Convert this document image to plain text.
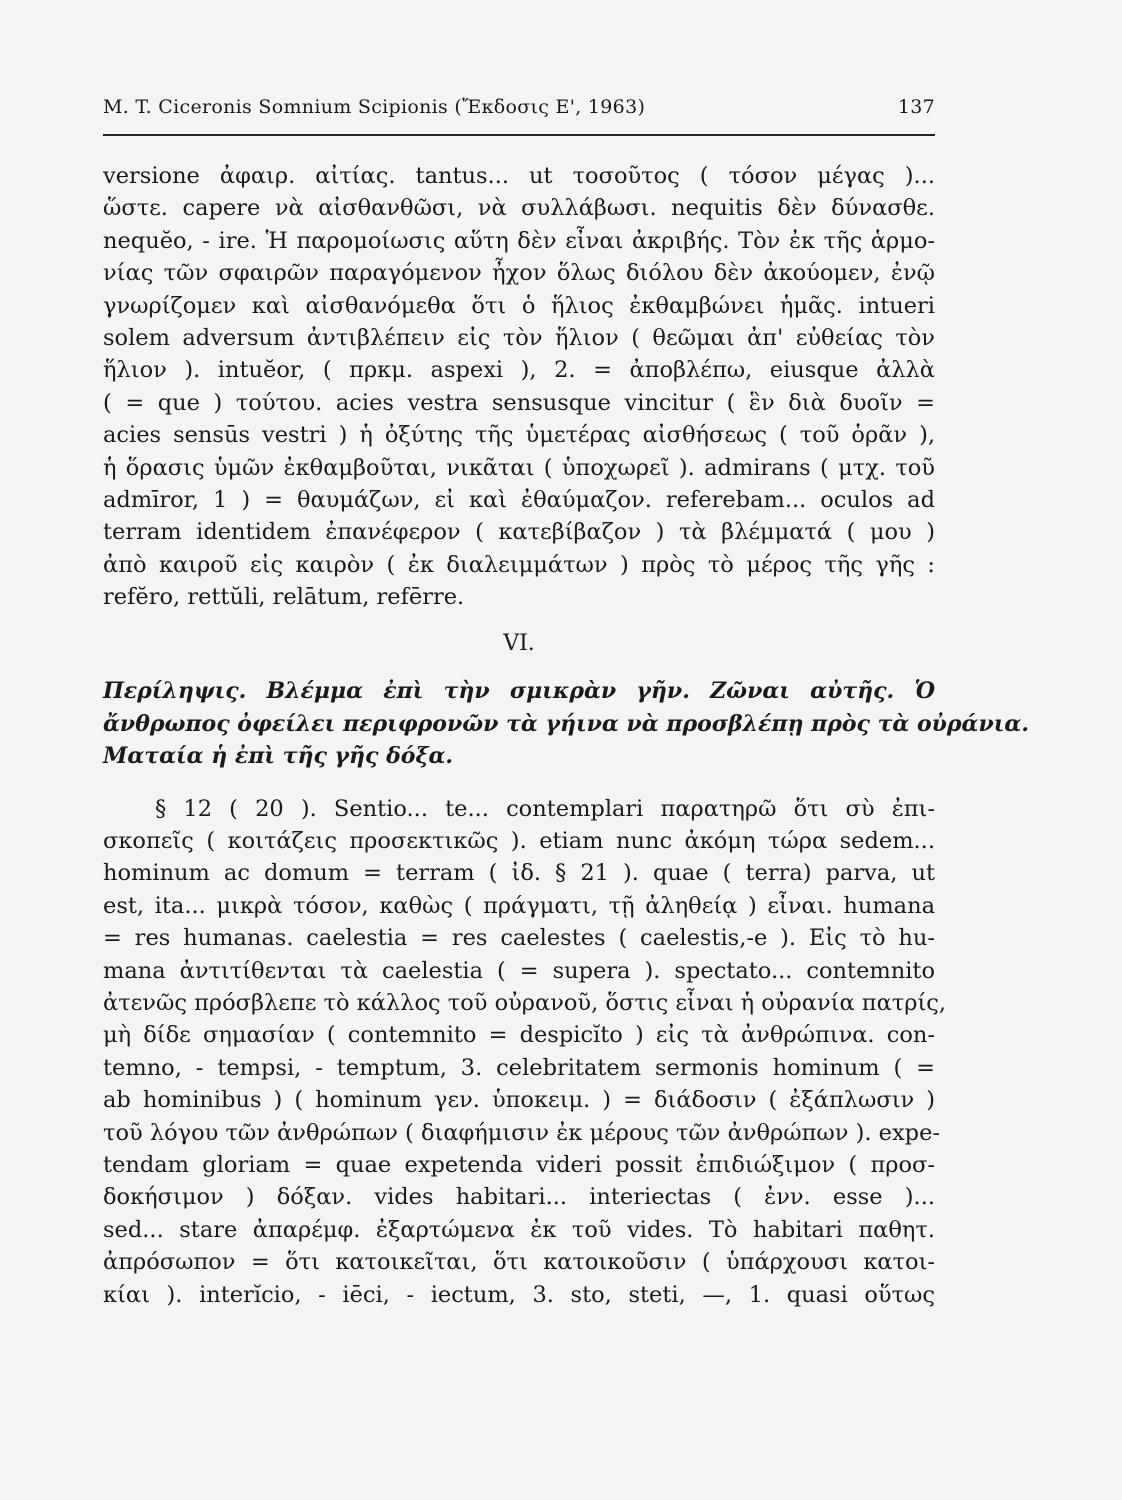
M. T. Ciceronis Somnium Scipionis (Ἔκδοσις Ε', 1963)	137
versione ἀφαιρ. αἰτίας. tantus... ut τοσοῦτος ( τόσον μέγας )...
ὥστε. capere νὰ αἰσθανθῶσι, νὰ συλλάβωσι. nequitis δὲν δύνασθε.
nequĕo, - ire. Ἡ παρομοίωσις αὕτη δὲν εἶναι ἀκριβής. Τὸν ἐκ τῆς ἁρμο-
νίας τῶν σφαιρῶν παραγόμενον ἦχον ὅλως διόλου δὲν ἀκούομεν, ἐνῷ
γνωρίζομεν καὶ αἰσθανόμεθα ὅτι ὁ ἥλιος ἐκθαμβώνει ἡμᾶς. intueri
solem adversum ἀντιβλέπειν εἰς τὸν ἥλιον ( θεῶμαι ἀπ' εὐθείας τὸν
ἥλιον ). intuĕor, ( πρκμ. aspexi ), 2. = ἀποβλέπω, eiusque ἀλλὰ
( = que ) τούτου. acies vestra sensusque vincitur ( ἓν διὰ δυοῖν =
acies sensūs vestri ) ἡ ὀξύτης τῆς ὑμετέρας αἰσθήσεως ( τοῦ ὁρᾶν ),
ἡ ὅρασις ὑμῶν ἐκθαμβοῦται, νικᾶται ( ὑποχωρεῖ ). admirans ( μτχ. τοῦ
admīror, 1 ) = θαυμάζων, εἰ καὶ ἐθαύμαζον. referebam... oculos ad
terram identidem ἐπανέφερον ( κατεβίβαζον ) τὰ βλέμματά ( μου )
ἀπὸ καιροῦ εἰς καιρὸν ( ἐκ διαλειμμάτων ) πρὸς τὸ μέρος τῆς γῆς :
refĕro, rettŭli, relātum, refērre.
VI.
Περίληψις. Βλέμμα ἐπὶ τὴν σμικρὰν γῆν. Ζῶναι αὐτῆς. Ὁ
ἄνθρωπος ὀφείλει περιφρονῶν τὰ γήινα νὰ προσβλέπῃ πρὸς τὰ οὐράνια.
Ματαία ἡ ἐπὶ τῆς γῆς δόξα.
§ 12 ( 20 ). Sentio... te... contemplari παρατηρῶ ὅτι σὺ ἐπι-
σκοπεῖς ( κοιτάζεις προσεκτικῶς ). etiam nunc ἀκόμη τώρα sedem...
hominum ac domum = terram ( ἰδ. § 21 ). quae ( terra) parva, ut
est, ita... μικρὰ τόσον, καθὼς ( πράγματι, τῇ ἀληθείᾳ ) εἶναι. humana
= res humanas. caelestia = res caelestes ( caelestis,-e ). Εἰς τὸ hu-
mana ἀντιτίθενται τὰ caelestia ( = supera ). spectato... contemnito
ἀτενῶς πρόσβλεπε τὸ κάλλος τοῦ οὐρανοῦ, ὅστις εἶναι ἡ οὐρανία πατρίς,
μὴ δίδε σημασίαν ( contemnito = despicĭto ) εἰς τὰ ἀνθρώπινα. con-
temno, - tempsi, - temptum, 3. celebritatem sermonis hominum ( =
ab hominibus ) ( hominum γεν. ὑποκειμ. ) = διάδοσιν ( ἐξάπλωσιν )
τοῦ λόγου τῶν ἀνθρώπων ( διαφήμισιν ἐκ μέρους τῶν ἀνθρώπων ). expe-
tendam gloriam = quae expetenda videri possit ἐπιδιώξιμον ( προσ-
δοκήσιμον ) δόξαν. vides habitari... interiectas ( ἐνν. esse )...
sed... stare ἀπαρέμφ. ἐξαρτώμενα ἐκ τοῦ vides. Τὸ habitari παθητ.
ἀπρόσωπον = ὅτι κατοικεῖται, ὅτι κατοικοῦσιν ( ὑπάρχουσι κατοι-
κίαι ). interĭcio, - iēci, - iectum, 3. sto, steti, —, 1. quasi οὕτως
